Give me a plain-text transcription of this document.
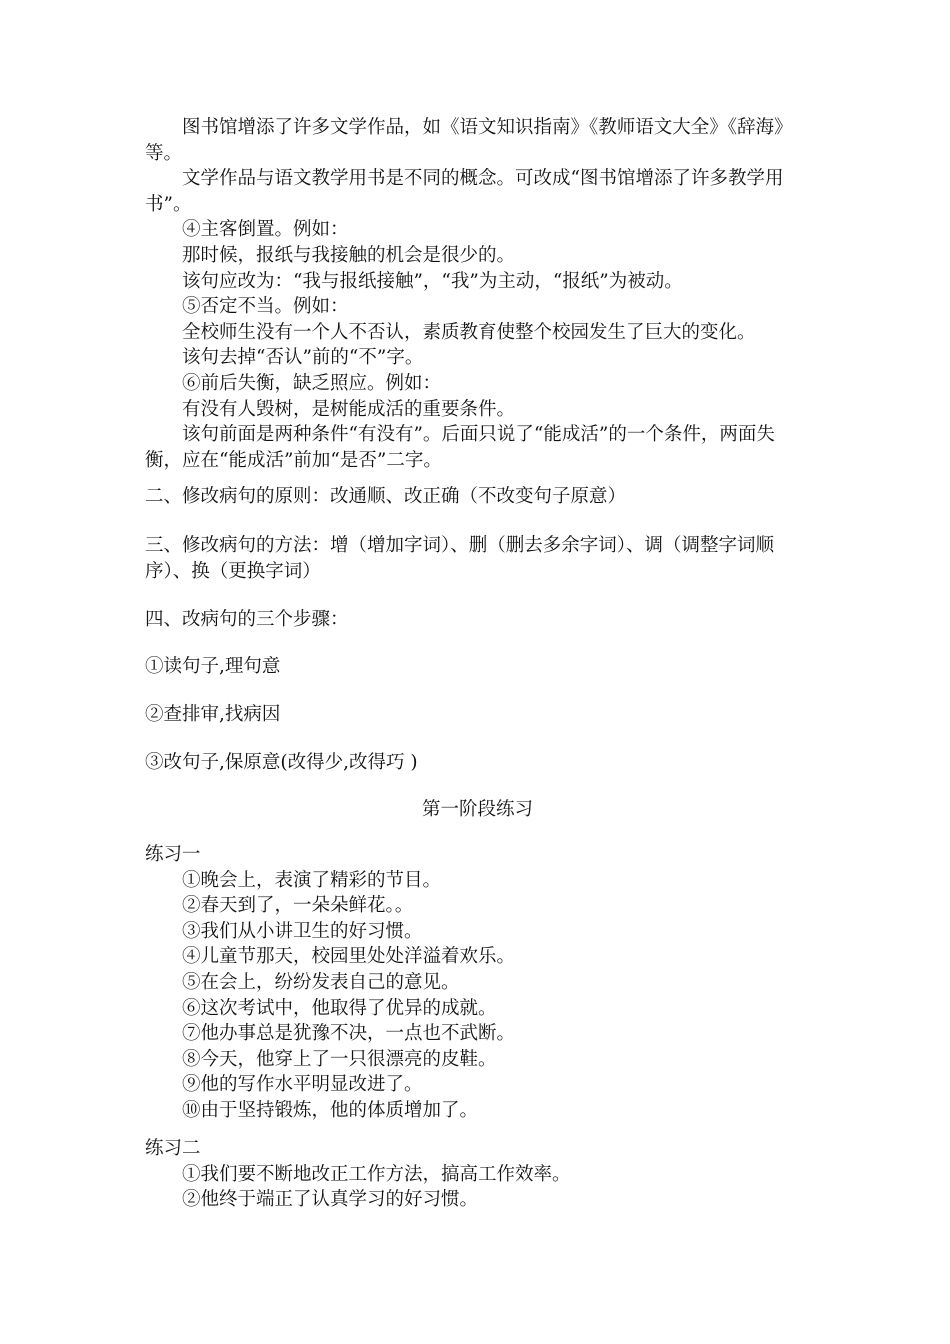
图书馆增添了许多文学作品，如《语文知识指南》《教师语文大全》《辞海》等。

文学作品与语文教学用书是不同的概念。可改成“图书馆增添了许多教学用书”。

④主客倒置。例如：

那时候，报纸与我接触的机会是很少的。

该句应改为：“我与报纸接触”，“我”为主动，“报纸”为被动。

⑤否定不当。例如：

全校师生没有一个人不否认，素质教育使整个校园发生了巨大的变化。

该句去掉“否认”前的“不”字。

⑥前后失衡，缺乏照应。例如：

有没有人毁树，是树能成活的重要条件。

该句前面是两种条件“有没有”。后面只说了“能成活”的一个条件，两面失衡，应在“能成活”前加“是否”二字。

二、修改病句的原则：改通顺、改正确（不改变句子原意）

三、修改病句的方法：增（增加字词）、删（删去多余字词）、调（调整字词顺序）、换（更换字词）

四、改病句的三个步骤：

①读句子,理句意

②查排审,找病因

③改句子,保原意(改得少,改得巧 )

第一阶段练习

练习一

①晚会上，表演了精彩的节目。

②春天到了，一朵朵鲜花。。

③我们从小讲卫生的好习惯。

④儿童节那天，校园里处处洋溢着欢乐。

⑤在会上，纷纷发表自己的意见。

⑥这次考试中，他取得了优异的成就。

⑦他办事总是犹豫不决，一点也不武断。

⑧今天，他穿上了一只很漂亮的皮鞋。

⑨他的写作水平明显改进了。

⑩由于坚持锻炼，他的体质增加了。

练习二

①我们要不断地改正工作方法，搞高工作效率。

②他终于端正了认真学习的好习惯。
